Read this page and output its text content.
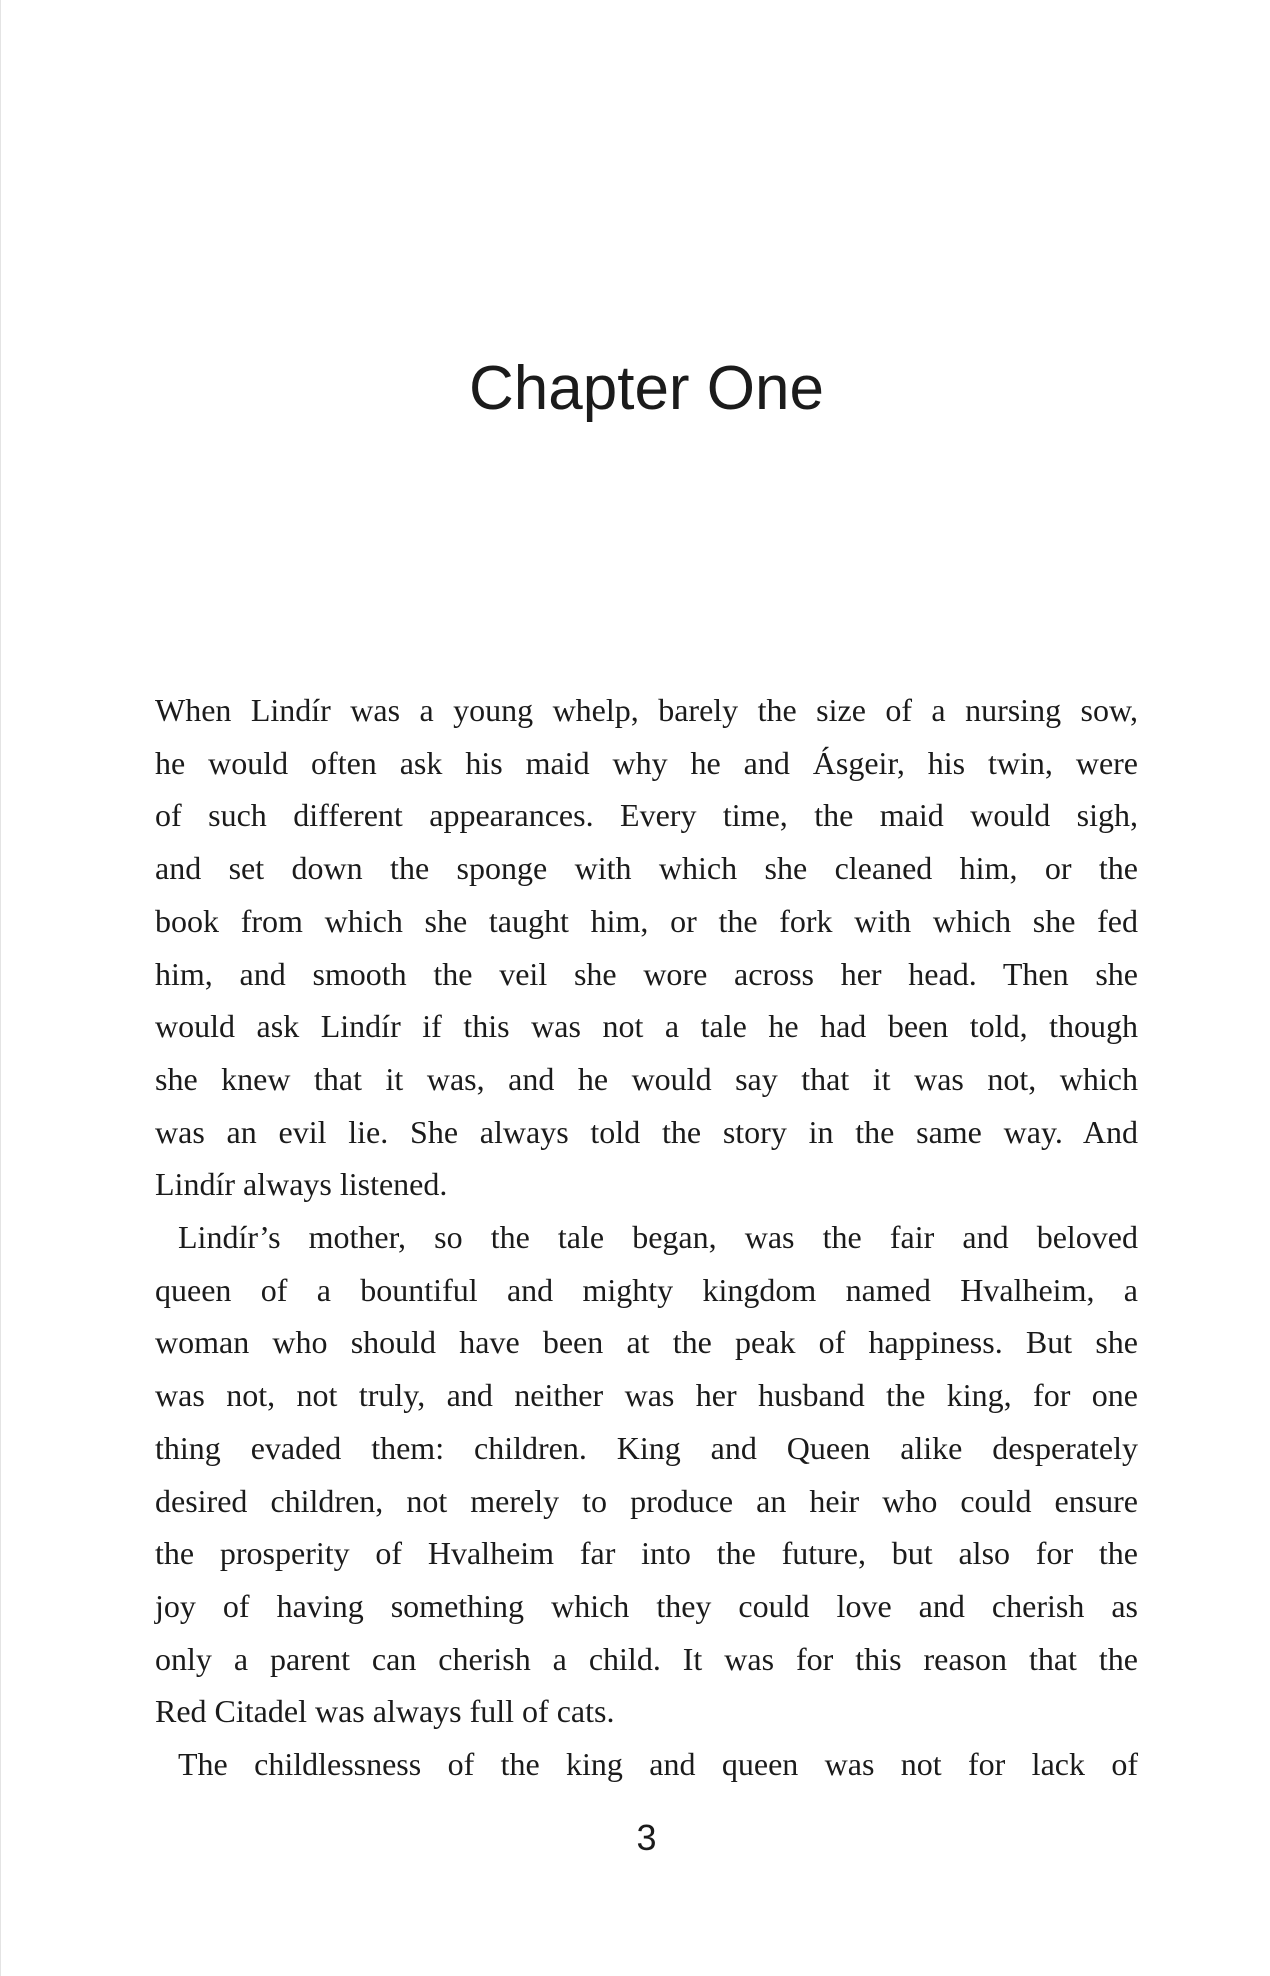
Chapter One
When Lindír was a young whelp, barely the size of a nursing sow,
he would often ask his maid why he and Ásgeir, his twin, were
of such different appearances. Every time, the maid would sigh,
and set down the sponge with which she cleaned him, or the
book from which she taught him, or the fork with which she fed
him, and smooth the veil she wore across her head. Then she
would ask Lindír if this was not a tale he had been told, though
she knew that it was, and he would say that it was not, which
was an evil lie. She always told the story in the same way. And
Lindír always listened.
Lindír’s mother, so the tale began, was the fair and beloved
queen of a bountiful and mighty kingdom named Hvalheim, a
woman who should have been at the peak of happiness. But she
was not, not truly, and neither was her husband the king, for one
thing evaded them: children. King and Queen alike desperately
desired children, not merely to produce an heir who could ensure
the prosperity of Hvalheim far into the future, but also for the
joy of having something which they could love and cherish as
only a parent can cherish a child. It was for this reason that the
Red Citadel was always full of cats.
The childlessness of the king and queen was not for lack of
3
